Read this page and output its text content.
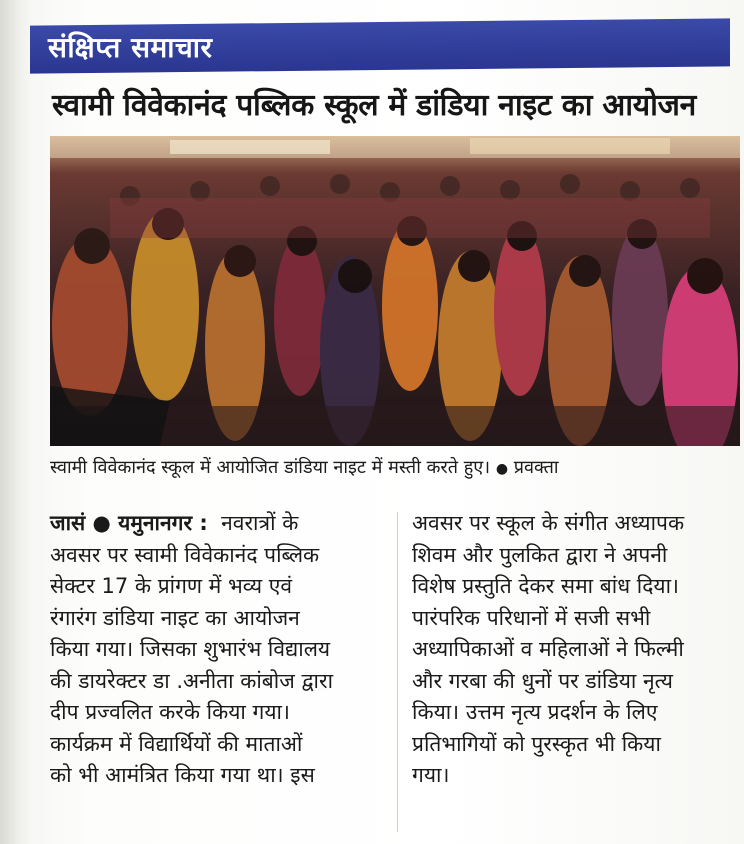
संक्षिप्त समाचार
स्वामी विवेकानंद पब्लिक स्कूल में डांडिया नाइट का आयोजन
स्वामी विवेकानंद स्कूल में आयोजित डांडिया नाइट में मस्ती करते हुए। ● प्रवक्ता
जासं ● यमुनानगर : नवरात्रों के
अवसर पर स्वामी विवेकानंद पब्लिक
सेक्टर 17 के प्रांगण में भव्य एवं
रंगारंग डांडिया नाइट का आयोजन
किया गया। जिसका शुभारंभ विद्यालय
की डायरेक्टर डा .अनीता कांबोज द्वारा
दीप प्रज्वलित करके किया गया।
कार्यक्रम में विद्यार्थियों की माताओं
को भी आमंत्रित किया गया था। इस
अवसर पर स्कूल के संगीत अध्यापक
शिवम और पुलकित द्वारा ने अपनी
विशेष प्रस्तुति देकर समा बांध दिया।
पारंपरिक परिधानों में सजी सभी
अध्यापिकाओं व महिलाओं ने फिल्मी
और गरबा की धुनों पर डांडिया नृत्य
किया। उत्तम नृत्य प्रदर्शन के लिए
प्रतिभागियों को पुरस्कृत भी किया
गया।
